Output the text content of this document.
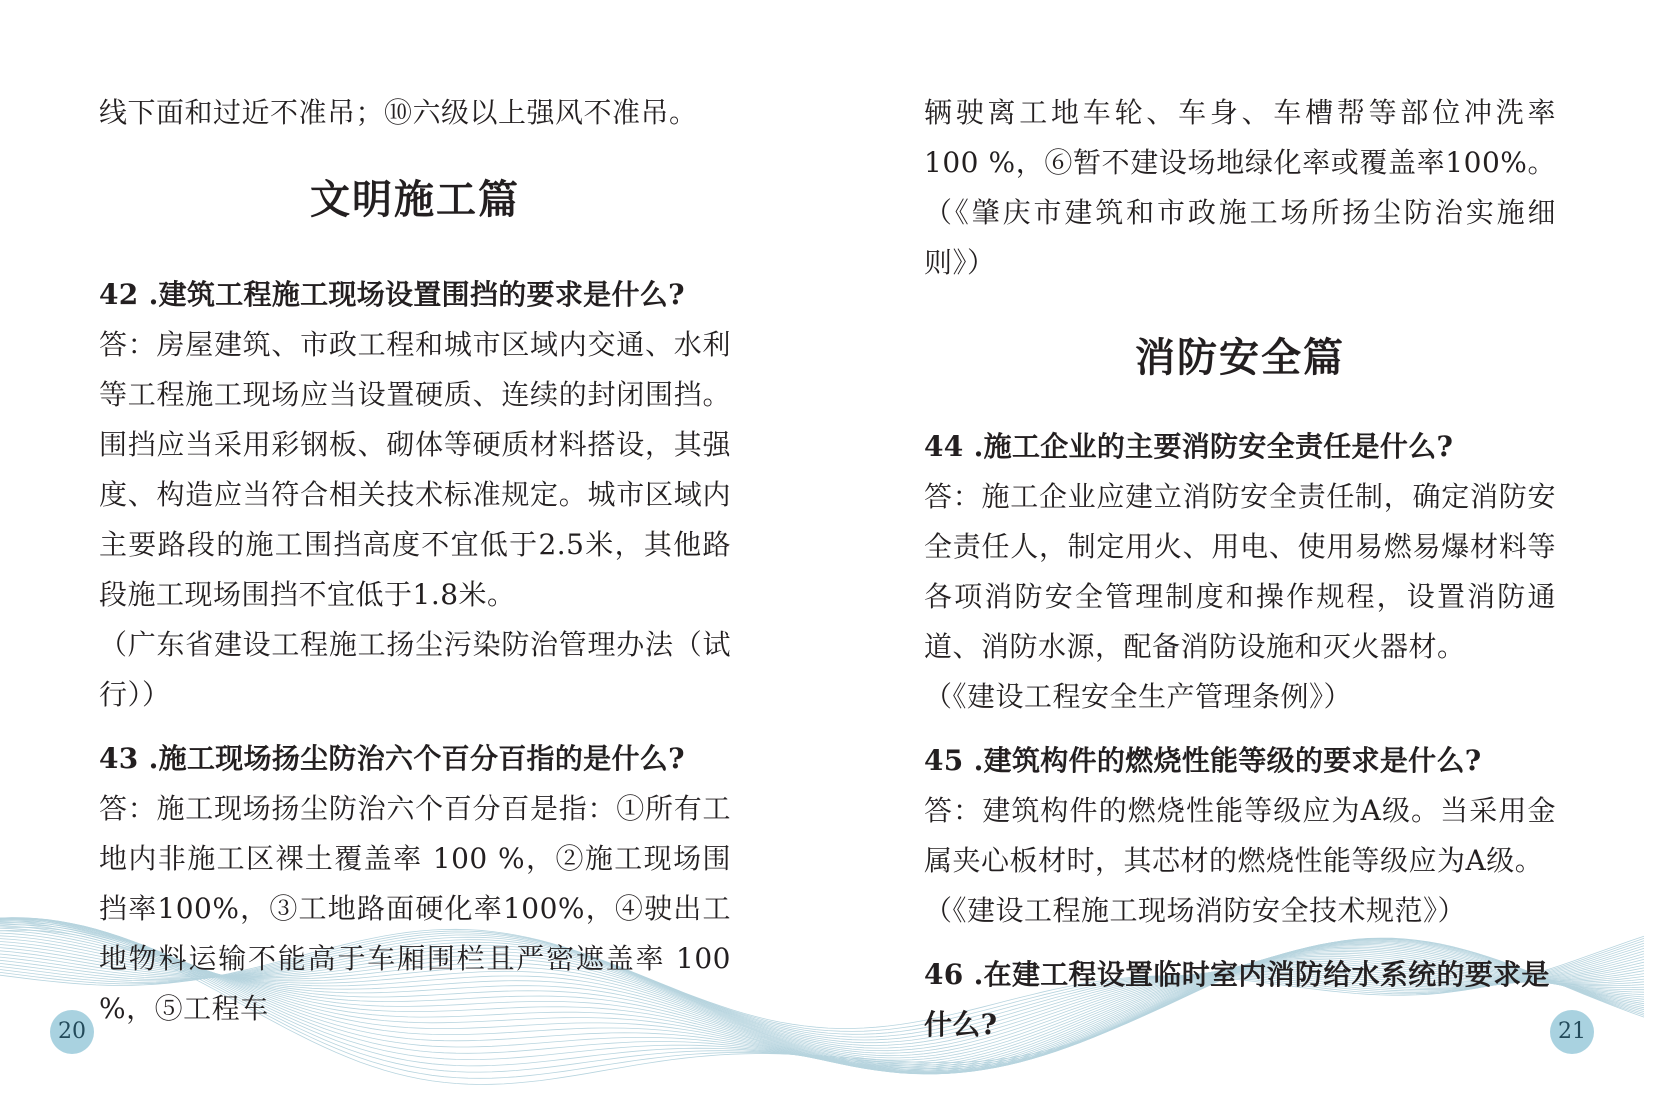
线下面和过近不准吊；⑩六级以上强风不准吊。

文明施工篇

42 .建筑工程施工现场设置围挡的要求是什么?

答：房屋建筑、市政工程和城市区域内交通、水利等工程施工现场应当设置硬质、连续的封闭围挡。围挡应当采用彩钢板、砌体等硬质材料搭设，其强度、构造应当符合相关技术标准规定。城市区域内主要路段的施工围挡高度不宜低于2.5米，其他路段施工现场围挡不宜低于1.8米。

（广东省建设工程施工扬尘污染防治管理办法（试行））

43 .施工现场扬尘防治六个百分百指的是什么?

答：施工现场扬尘防治六个百分百是指：①所有工地内非施工区裸土覆盖率 100 %，②施工现场围挡率100%，③工地路面硬化率100%，④驶出工地物料运输不能高于车厢围栏且严密遮盖率 100 %，⑤工程车

辆驶离工地车轮、车身、车槽帮等部位冲洗率 100 %，⑥暂不建设场地绿化率或覆盖率100%。（《肇庆市建筑和市政施工场所扬尘防治实施细则》）

消防安全篇

44 .施工企业的主要消防安全责任是什么?

答：施工企业应建立消防安全责任制，确定消防安全责任人，制定用火、用电、使用易燃易爆材料等各项消防安全管理制度和操作规程，设置消防通道、消防水源，配备消防设施和灭火器材。

（《建设工程安全生产管理条例》）

45 .建筑构件的燃烧性能等级的要求是什么?

答：建筑构件的燃烧性能等级应为A级。当采用金属夹心板材时，其芯材的燃烧性能等级应为A级。

（《建设工程施工现场消防安全技术规范》）

46 .在建工程设置临时室内消防给水系统的要求是什么?

20	21
